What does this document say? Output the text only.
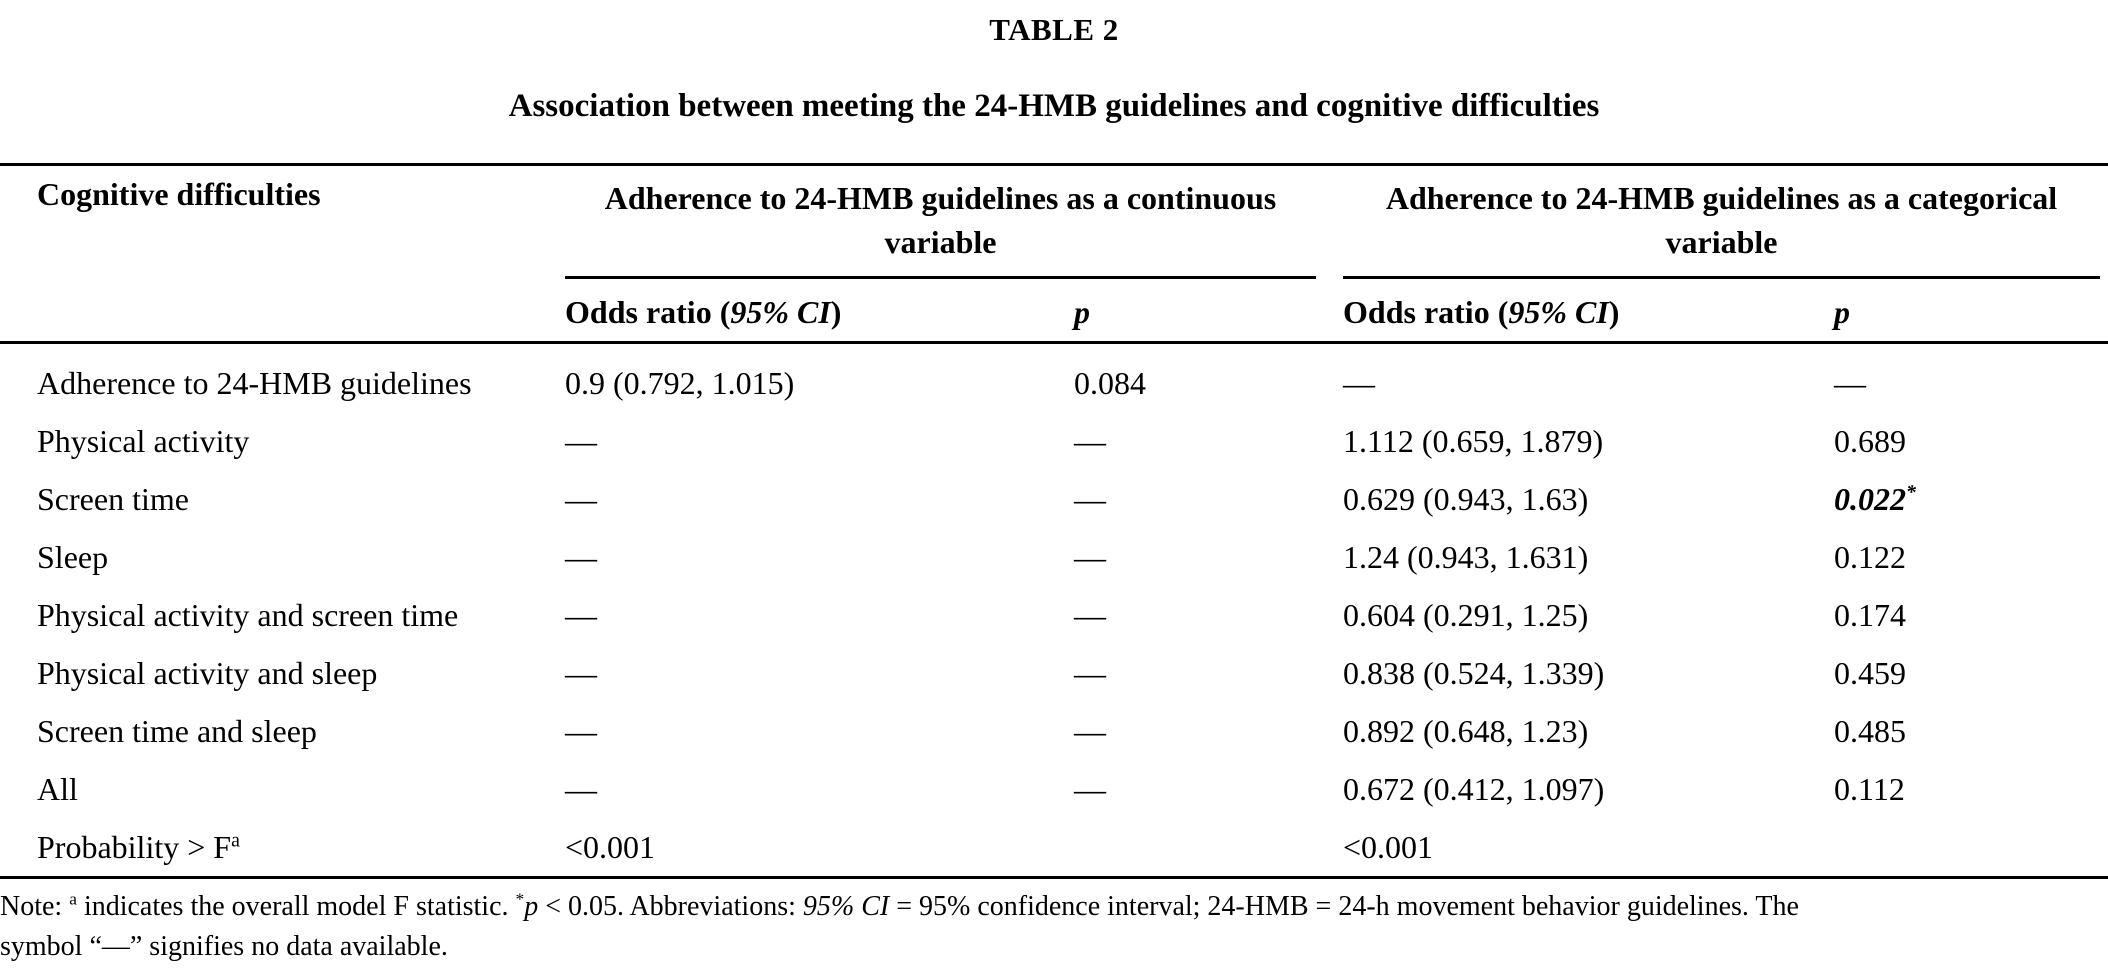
TABLE 2
Association between meeting the 24-HMB guidelines and cognitive difficulties
Cognitive difficulties	Adherence to 24-HMB guidelines as a continuous variable		Adherence to 24-HMB guidelines as a categorical variable	

	Odds ratio (95% CI)	p	Odds ratio (95% CI)	p
Adherence to 24-HMB guidelines	0.9 (0.792, 1.015)	0.084	—	—
Physical activity	—	—	1.112 (0.659, 1.879)	0.689
Screen time	—	—	0.629 (0.943, 1.63)	0.022*
Sleep	—	—	1.24 (0.943, 1.631)	0.122
Physical activity and screen time	—	—	0.604 (0.291, 1.25)	0.174
Physical activity and sleep	—	—	0.838 (0.524, 1.339)	0.459
Screen time and sleep	—	—	0.892 (0.648, 1.23)	0.485
All	—	—	0.672 (0.412, 1.097)	0.112
Probability > $F^a$	<0.001		<0.001	
Note: $^a$ indicates the overall model F statistic. *p < 0.05. Abbreviations: 95% CI = 95% confidence interval; 24-HMB = 24-h movement behavior guidelines. The
symbol “—” signifies no data available.
